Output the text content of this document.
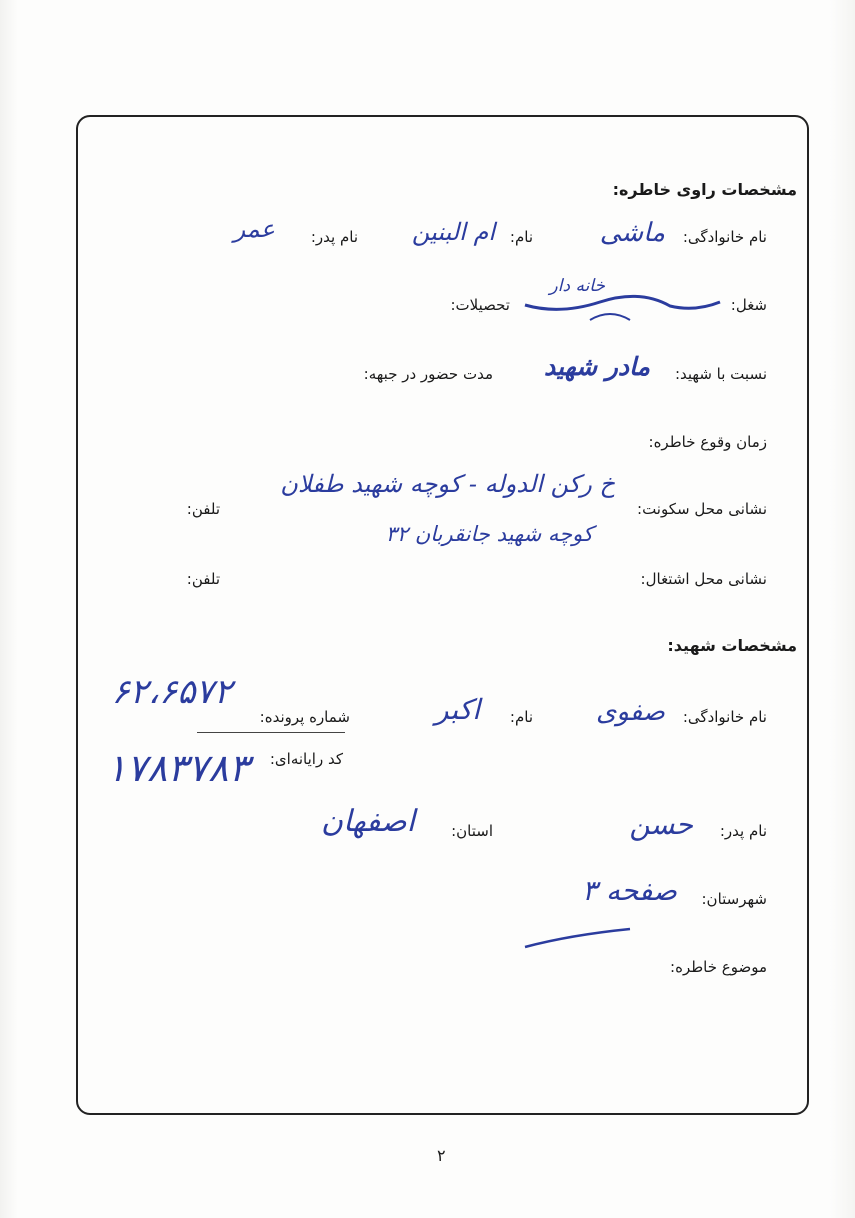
مشخصات راوی خاطره:
نام خانوادگی:
ماشی
نام:
ام البنین
نام پدر:
عمر
شغل:
خانه دار
تحصیلات:
نسبت با شهید:
مادر شهید
مدت حضور در جبهه:
زمان وقوع خاطره:
نشانی محل سکونت:
خ رکن الدوله - کوچه شهید طفلان
کوچه شهید جانقربان ۳۲
تلفن:
نشانی محل اشتغال:
تلفن:
مشخصات شهید:
نام خانوادگی:
صفوی
نام:
اکبر
شماره پرونده:
۶۲،۶۵۷۲
کد رایانه‌ای:
۱۷۸۳۷۸۳
نام پدر:
حسن
استان:
اصفهان
شهرستان:
صفحه ۳
موضوع خاطره:
۲
